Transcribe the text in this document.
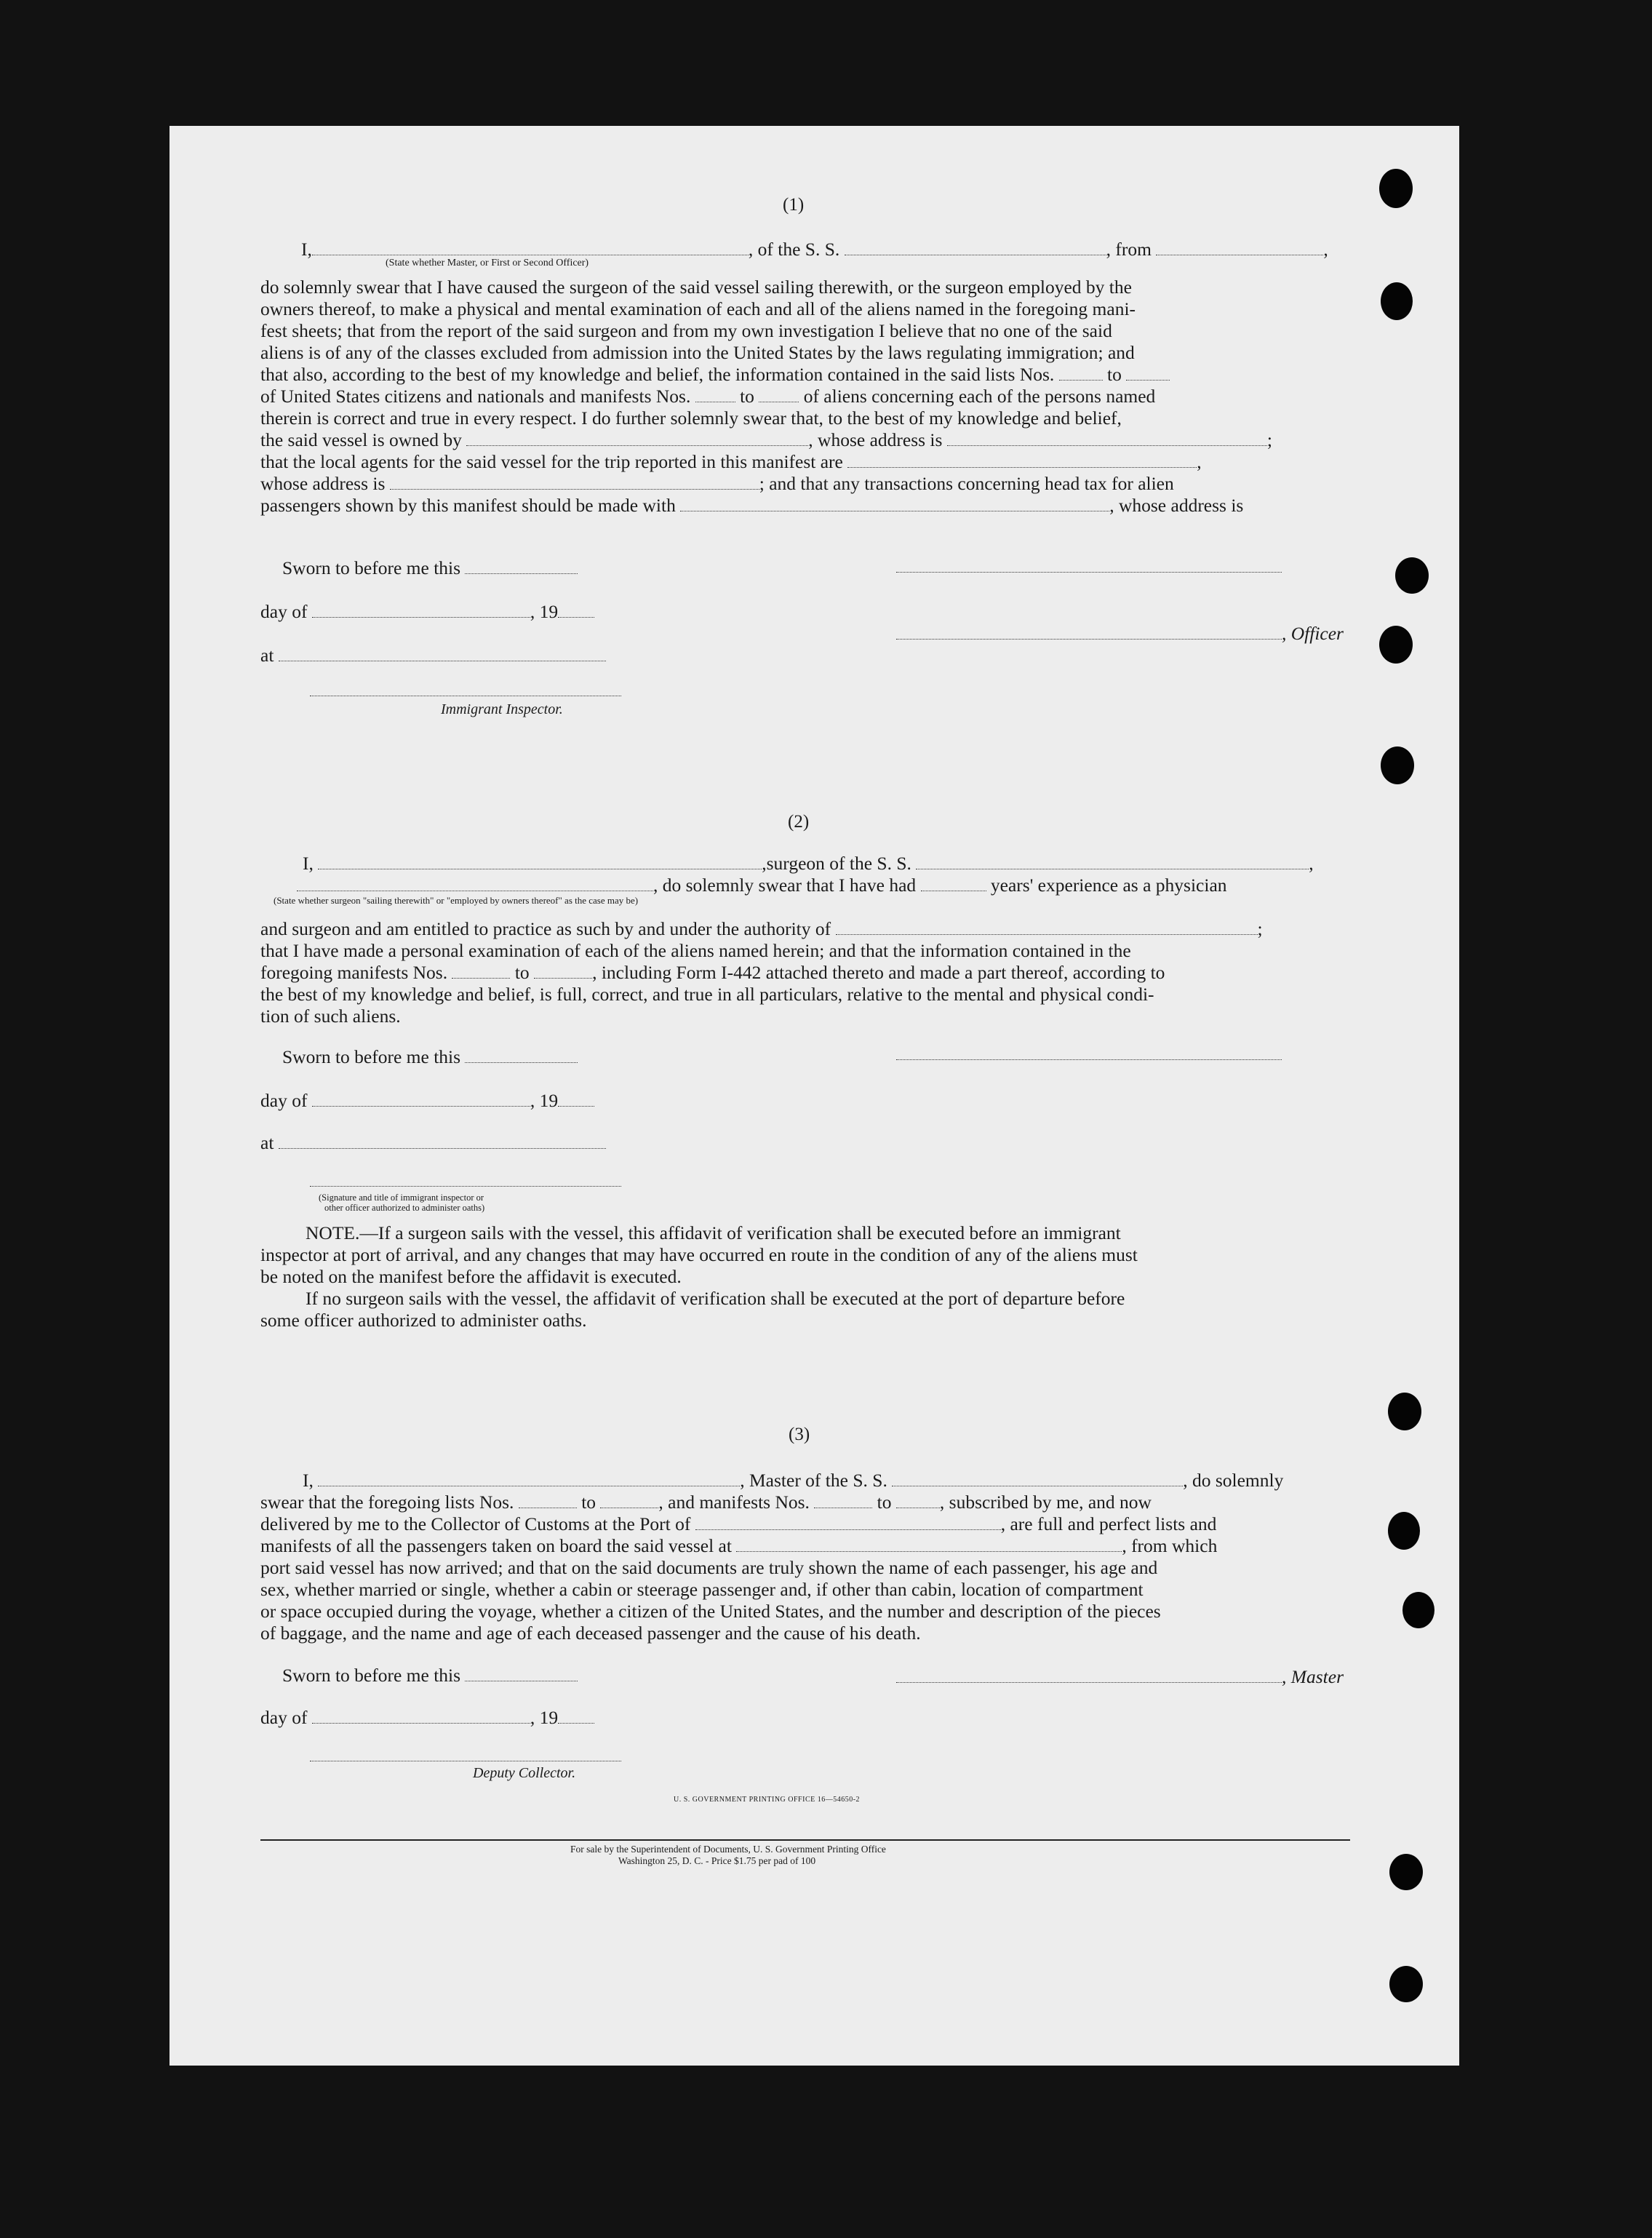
(1)
I,	, of the S. S.	, from	,
(State whether Master, or First or Second Officer)
do solemnly swear that I have caused the surgeon of the said vessel sailing therewith, or the surgeon employed by the
owners thereof, to make a physical and mental examination of each and all of the aliens named in the foregoing mani-
fest sheets; that from the report of the said surgeon and from my own investigation I believe that no one of the said
aliens is of any of the classes excluded from admission into the United States by the laws regulating immigration; and
that also, according to the best of my knowledge and belief, the information contained in the said lists Nos.	to
of United States citizens and nationals and manifests Nos.	to	of aliens concerning each of the persons named
therein is correct and true in every respect. I do further solemnly swear that, to the best of my knowledge and belief,
the said vessel is owned by	, whose address is	;
that the local agents for the said vessel for the trip reported in this manifest are	,
whose address is	; and that any transactions concerning head tax for alien
passengers shown by this manifest should be made with	, whose address is
Sworn to before me this
day of	, 19
, Officer
at
Immigrant Inspector.
(2)
I,	,surgeon of the S. S.	,
, do solemnly swear that I have had	years' experience as a physician
(State whether surgeon "sailing therewith" or "employed by owners thereof" as the case may be)
and surgeon and am entitled to practice as such by and under the authority of	;
that I have made a personal examination of each of the aliens named herein; and that the information contained in the
foregoing manifests Nos.	to	, including Form I-442 attached thereto and made a part thereof, according to
the best of my knowledge and belief, is full, correct, and true in all particulars, relative to the mental and physical condi-
tion of such aliens.
Sworn to before me this
day of	, 19
at
(Signature and title of immigrant inspector or
other officer authorized to administer oaths)
NOTE.—If a surgeon sails with the vessel, this affidavit of verification shall be executed before an immigrant
inspector at port of arrival, and any changes that may have occurred en route in the condition of any of the aliens must
be noted on the manifest before the affidavit is executed.
If no surgeon sails with the vessel, the affidavit of verification shall be executed at the port of departure before
some officer authorized to administer oaths.
(3)
I,	, Master of the S. S.	, do solemnly
swear that the foregoing lists Nos.	to	, and manifests Nos.	to	, subscribed by me, and now
delivered by me to the Collector of Customs at the Port of	, are full and perfect lists and
manifests of all the passengers taken on board the said vessel at	, from which
port said vessel has now arrived; and that on the said documents are truly shown the name of each passenger, his age and
sex, whether married or single, whether a cabin or steerage passenger and, if other than cabin, location of compartment
or space occupied during the voyage, whether a citizen of the United States, and the number and description of the pieces
of baggage, and the name and age of each deceased passenger and the cause of his death.
Sworn to before me this	, Master
day of	, 19
Deputy Collector.
U. S. GOVERNMENT PRINTING OFFICE 16—54650-2
For sale by the Superintendent of Documents, U. S. Government Printing Office
Washington 25, D. C. - Price $1.75 per pad of 100
